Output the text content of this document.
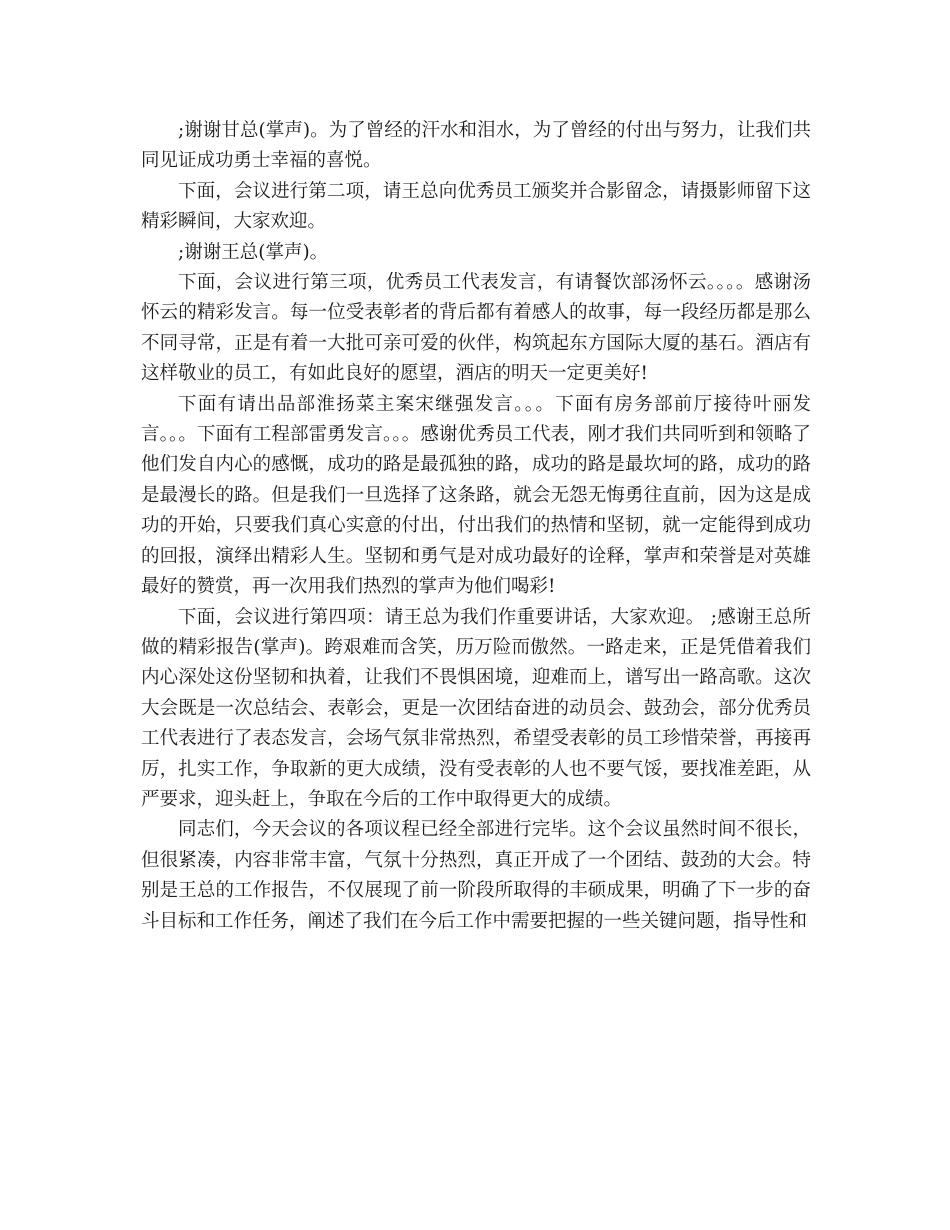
;谢谢甘总(掌声)。为了曾经的汗水和泪水，为了曾经的付出与努力，让我们共同见证成功勇士幸福的喜悦。

下面，会议进行第二项，请王总向优秀员工颁奖并合影留念，请摄影师留下这精彩瞬间，大家欢迎。

;谢谢王总(掌声)。

下面，会议进行第三项，优秀员工代表发言，有请餐饮部汤怀云。。。。感谢汤怀云的精彩发言。每一位受表彰者的背后都有着感人的故事，每一段经历都是那么不同寻常，正是有着一大批可亲可爱的伙伴，构筑起东方国际大厦的基石。酒店有这样敬业的员工，有如此良好的愿望，酒店的明天一定更美好!

下面有请出品部淮扬菜主案宋继强发言。。。下面有房务部前厅接待叶丽发言。。。下面有工程部雷勇发言。。。感谢优秀员工代表，刚才我们共同听到和领略了他们发自内心的感慨，成功的路是最孤独的路，成功的路是最坎坷的路，成功的路是最漫长的路。但是我们一旦选择了这条路，就会无怨无悔勇往直前，因为这是成功的开始，只要我们真心实意的付出，付出我们的热情和坚韧，就一定能得到成功的回报，演绎出精彩人生。坚韧和勇气是对成功最好的诠释，掌声和荣誉是对英雄最好的赞赏，再一次用我们热烈的掌声为他们喝彩!

下面，会议进行第四项：请王总为我们作重要讲话，大家欢迎。 ;感谢王总所做的精彩报告(掌声)。跨艰难而含笑，历万险而傲然。一路走来，正是凭借着我们内心深处这份坚韧和执着，让我们不畏惧困境，迎难而上，谱写出一路高歌。这次大会既是一次总结会、表彰会，更是一次团结奋进的动员会、鼓劲会，部分优秀员工代表进行了表态发言，会场气氛非常热烈，希望受表彰的员工珍惜荣誉，再接再厉，扎实工作，争取新的更大成绩，没有受表彰的人也不要气馁，要找准差距，从严要求，迎头赶上，争取在今后的工作中取得更大的成绩。

同志们，今天会议的各项议程已经全部进行完毕。这个会议虽然时间不很长，但很紧凑，内容非常丰富，气氛十分热烈，真正开成了一个团结、鼓劲的大会。特别是王总的工作报告，不仅展现了前一阶段所取得的丰硕成果，明确了下一步的奋斗目标和工作任务，阐述了我们在今后工作中需要把握的一些关键问题，指导性和
